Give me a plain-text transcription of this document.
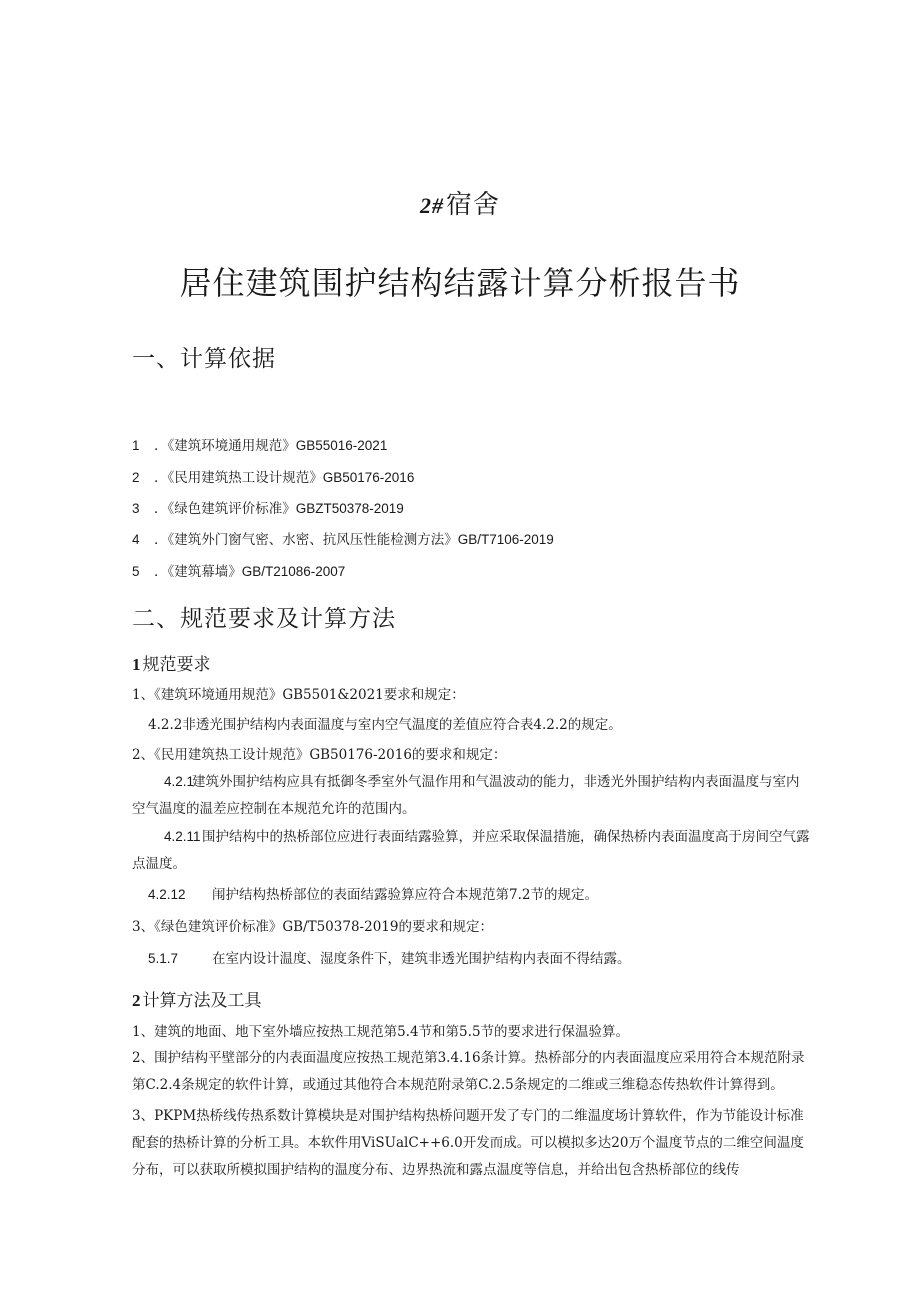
2#宿舍
居住建筑围护结构结露计算分析报告书
一、计算依据
1 ．《建筑环境通用规范》GB55016-2021
2 ．《民用建筑热工设计规范》GB50176-2016
3 ．《绿色建筑评价标准》GBZT50378-2019
4 ．《建筑外门窗气密、水密、抗风压性能检测方法》GB/T7106-2019
5 ．《建筑幕墙》GB/T21086-2007
二、规范要求及计算方法
1 规范要求
1、《建筑环境通用规范》GB5501&2021要求和规定：
4.2.2非透光围护结构内表面温度与室内空气温度的差值应符合表4.2.2的规定。
2、《民用建筑热工设计规范》GB50176-2016的要求和规定：
4.2.1建筑外围护结构应具有抵御冬季室外气温作用和气温波动的能力，非透光外围护结构内表面温度与室内空气温度的温差应控制在本规范允许的范围内。
4.2.11围护结构中的热桥部位应进行表面结露验算，并应采取保温措施，确保热桥内表面温度高于房间空气露点温度。
4.2.12 闱护结构热桥部位的表面结露验算应符合本规范第7.2节的规定。
3、《绿色建筑评价标准》GB/T50378-2019的要求和规定：
5.1.7	在室内设计温度、湿度条件下，建筑非透光围护结构内表面不得结露。
2 计算方法及工具
1、建筑的地面、地下室外墙应按热工规范第5.4节和第5.5节的要求进行保温验算。
2、围护结构平壁部分的内表面温度应按热工规范第3.4.16条计算。热桥部分的内表面温度应采用符合本规范附录第C.2.4条规定的软件计算，或通过其他符合本规范附录第C.2.5条规定的二维或三维稳态传热软件计算得到。
3、PKPM热桥线传热系数计算模块是对围护结构热桥问题开发了专门的二维温度场计算软件，作为节能设计标准配套的热桥计算的分析工具。本软件用ViSUalC++6.0开发而成。可以模拟多达20万个温度节点的二维空间温度分布，可以获取所模拟围护结构的温度分布、边界热流和露点温度等信息，并给出包含热桥部位的线传
